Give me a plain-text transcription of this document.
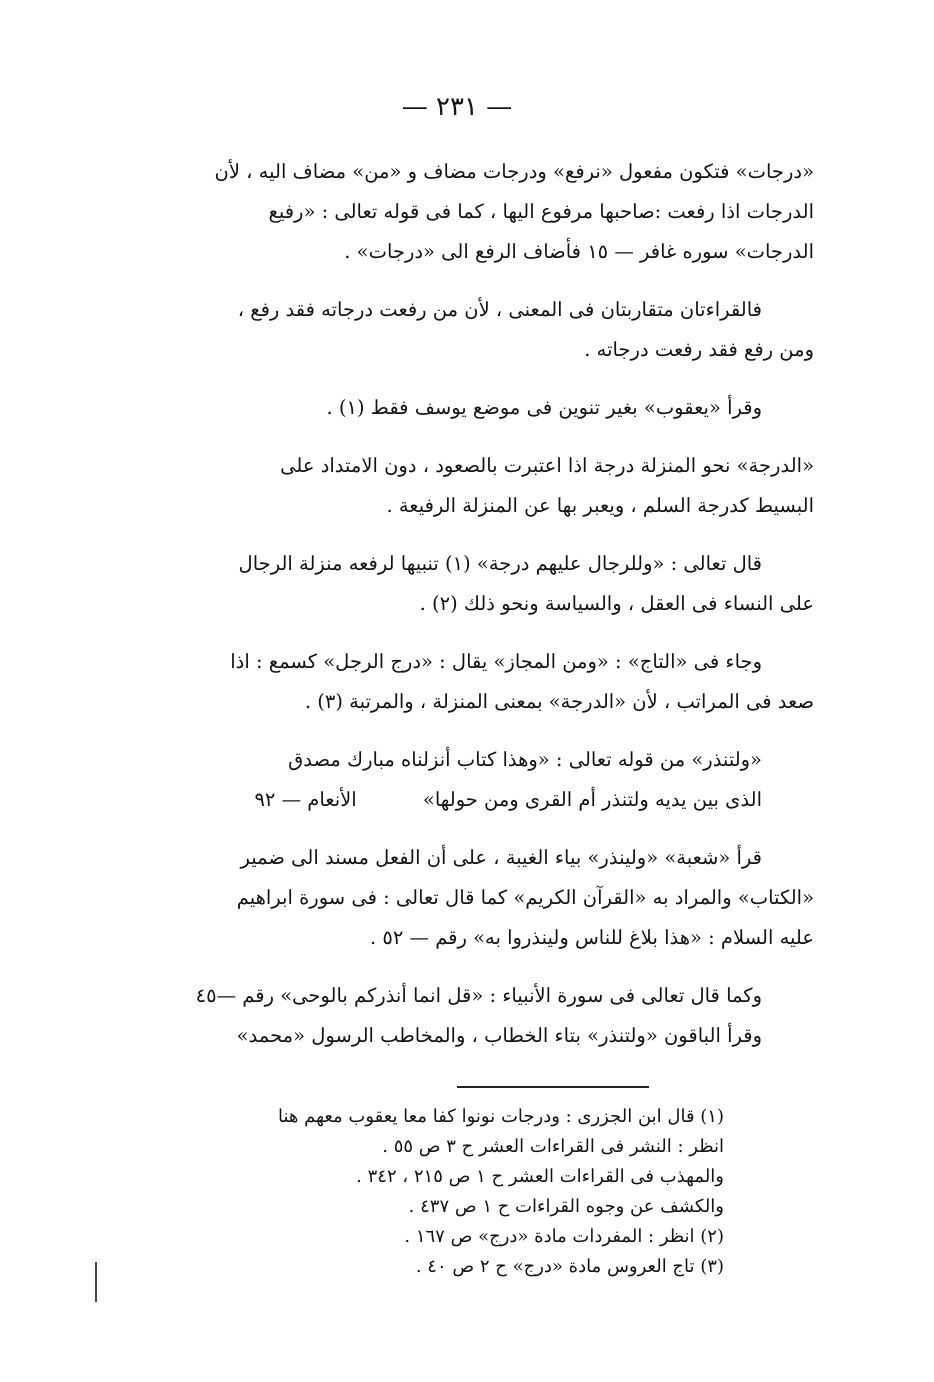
— ٢٣١ —
«درجات» فتكون مفعول «نرفع» ودرجات مضاف و «من» مضاف اليه ، لأن
الدرجات اذا رفعت :صاحبها مرفوع اليها ، كما فى قوله تعالى : «رفيع
الدرجات» سوره غافر — ١٥ فأضاف الرفع الى «درجات» .
فالقراءتان متقاربتان فى المعنى ، لأن من رفعت درجاته فقد رفع ،
ومن رفع فقد رفعت درجاته .
وقرأ «يعقوب» بغير تنوين فى موضع يوسف فقط (١) .
«الدرجة» نحو المنزلة درجة اذا اعتبرت بالصعود ، دون الامتداد على
البسيط كدرجة السلم ، ويعبر بها عن المنزلة الرفيعة .
قال تعالى : «وللرجال عليهم درجة» (١) تنبيها لرفعه منزلة الرجال
على النساء فى العقل ، والسياسة ونحو ذلك (٢) .
وجاء فى «التاج» : «ومن المجاز» يقال : «درج الرجل» كسمع : اذا
صعد فى المراتب ، لأن «الدرجة» بمعنى المنزلة ، والمرتبة (٣) .
«ولتنذر» من قوله تعالى : «وهذا كتاب أنزلناه مبارك مصدق
الذى بين يديه ولتنذر أم القرى ومن حولها» الأنعام — ٩٢
قرأ «شعبة» «ولينذر» بياء الغيبة ، على أن الفعل مسند الى ضمير
«الكتاب» والمراد به «القرآن الكريم» كما قال تعالى : فى سورة ابراهيم
عليه السلام : «هذا بلاغ للناس ولينذروا به» رقم — ٥٢ .
وكما قال تعالى فى سورة الأنبياء : «قل انما أنذركم بالوحى» رقم —٤٥
وقرأ الباقون «ولتنذر» بتاء الخطاب ، والمخاطب الرسول «محمد»
(١) قال ابن الجزرى : ودرجات نونوا كفا معا يعقوب معهم هنا
انظر : النشر فى القراءات العشر ح ٣ ص ٥٥ .
والمهذب فى القراءات العشر ح ١ ص ٢١٥ ، ٣٤٢ .
والكشف عن وجوه القراءات ح ١ ص ٤٣٧ .
(٢) انظر : المفردات مادة «درج» ص ١٦٧ .
(٣) تاج العروس مادة «درج» ح ٢ ص ٤٠ .
